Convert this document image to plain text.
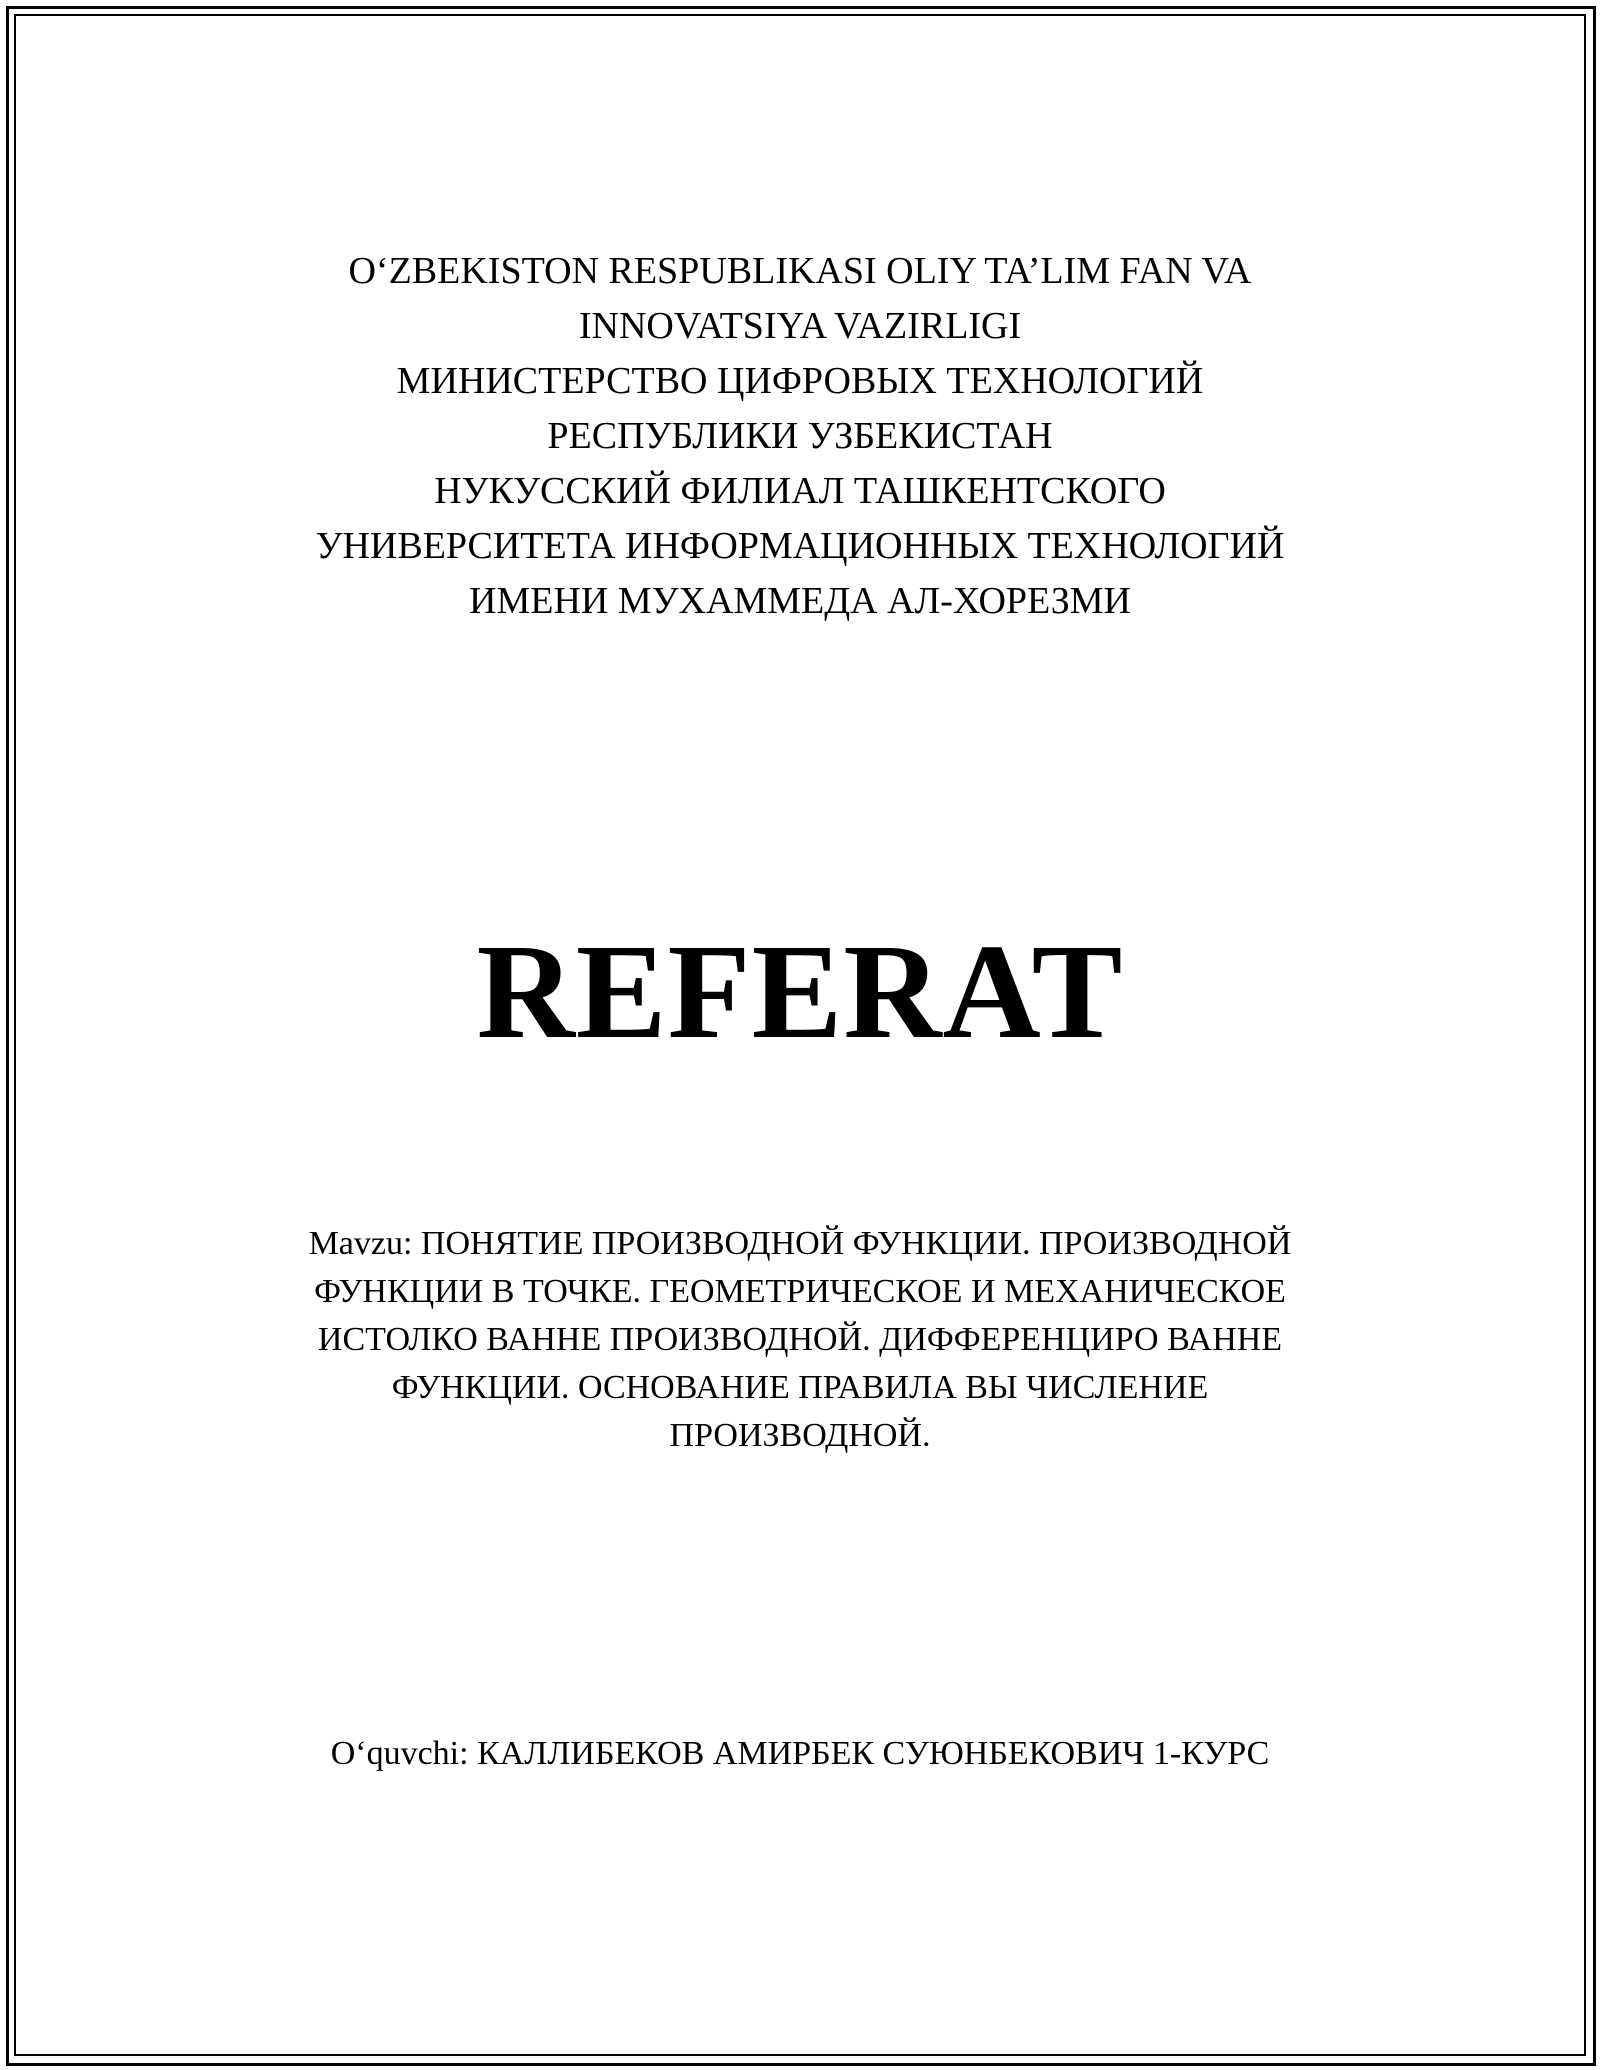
O‘ZBEKISTON RESPUBLIKASI OLIY TA’LIM FAN VA
INNOVATSIYA VAZIRLIGI
МИНИСТЕРСТВО ЦИФРОВЫХ ТЕХНОЛОГИЙ
РЕСПУБЛИКИ УЗБЕКИСТАН
НУКУССКИЙ ФИЛИАЛ ТАШКЕНТСКОГО
УНИВЕРСИТЕТА ИНФОРМАЦИОННЫХ ТЕХНОЛОГИЙ
ИМЕНИ МУХАММЕДА АЛ-ХОРЕЗМИ
REFERAT
Mavzu: ПОНЯТИЕ ПРОИЗВОДНОЙ ФУНКЦИИ. ПРОИЗВОДНОЙ
ФУНКЦИИ В ТОЧКЕ. ГЕОМЕТРИЧЕСКОЕ И МЕХАНИЧЕСКОЕ
ИСТОЛКО ВАННЕ ПРОИЗВОДНОЙ. ДИФФЕРЕНЦИРО ВАННЕ
ФУНКЦИИ. ОСНОВАНИЕ ПРАВИЛА ВЫ ЧИСЛЕНИЕ
ПРОИЗВОДНОЙ.
O‘quvchi: КАЛЛИБЕКОВ АМИРБЕК СУЮНБЕКОВИЧ 1-КУРС
